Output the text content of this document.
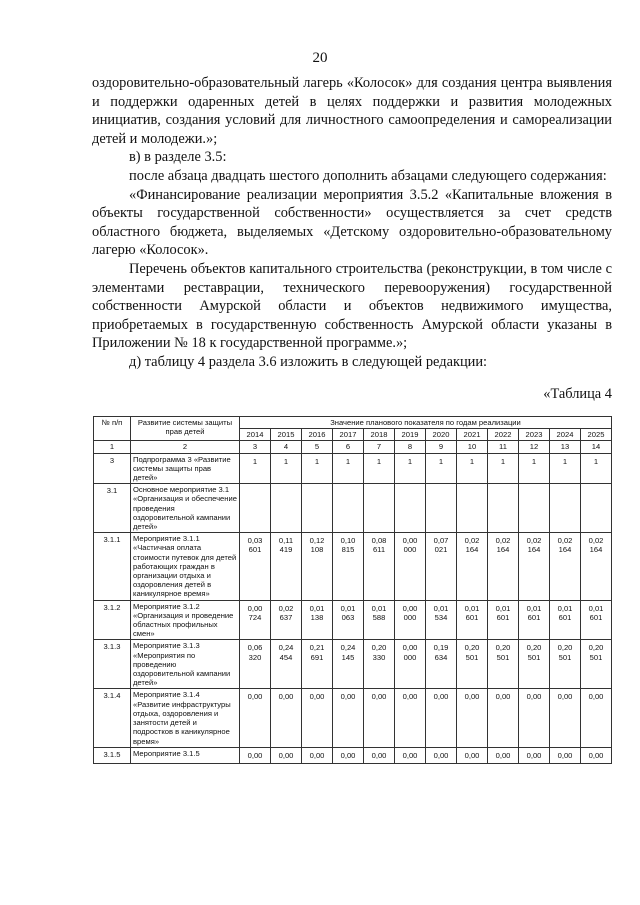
20

оздоровительно-образовательный лагерь «Колосок» для создания центра выявления и поддержки одаренных детей в целях поддержки и развития молодежных инициатив, создания условий для личностного самоопределения и самореализации детей и молодежи.»;

в) в разделе 3.5:

после абзаца двадцать шестого дополнить абзацами следующего содержания:

«Финансирование реализации мероприятия 3.5.2 «Капитальные вложения в объекты государственной собственности» осуществляется за счет средств областного бюджета, выделяемых «Детскому оздоровительно-образовательному лагерю «Колосок».

Перечень объектов капитального строительства (реконструкции, в том числе с элементами реставрации, технического перевооружения) государственной собственности Амурской области и объектов недвижимого имущества, приобретаемых в государственную собственность Амурской области указаны в Приложении № 18 к государственной программе.»;

д) таблицу 4 раздела 3.6 изложить в следующей редакции:

«Таблица 4
№ п/п	Развитие системы защиты прав детей	Значение планового показателя по годам реализации											
		2014	2015	2016	2017	2018	2019	2020	2021	2022	2023	2024	2025
1	2	3	4	5	6	7	8	9	10	11	12	13	14
3	Подпрограмма 3 «Развитие системы защиты прав детей»	1	1	1	1	1	1	1	1	1	1	1	1
3.1	Основное мероприятие 3.1 «Организация и обеспечение проведения оздоровительной кампании детей»												
3.1.1	Мероприятие 3.1.1 «Частичная оплата стоимости путевок для детей работающих граждан в организации отдыха и оздоровления детей в каникулярное время»	0,03 601	0,11 419	0,12 108	0,10 815	0,08 611	0,00 000	0,07 021	0,02 164	0,02 164	0,02 164	0,02 164	0,02 164
3.1.2	Мероприятие 3.1.2 «Организация и проведение областных профильных смен»	0,00 724	0,02 637	0,01 138	0,01 063	0,01 588	0,00 000	0,01 534	0,01 601	0,01 601	0,01 601	0,01 601	0,01 601
3.1.3	Мероприятие 3.1.3 «Мероприятия по проведению оздоровительной кампании детей»	0,06 320	0,24 454	0,21 691	0,24 145	0,20 330	0,00 000	0,19 634	0,20 501	0,20 501	0,20 501	0,20 501	0,20 501
3.1.4	Мероприятие 3.1.4 «Развитие инфраструктуры отдыха, оздоровления и занятости детей и подростков в каникулярное время»	0,00	0,00	0,00	0,00	0,00	0,00	0,00	0,00	0,00	0,00	0,00	0,00
3.1.5	Мероприятие 3.1.5	0,00	0,00	0,00	0,00	0,00	0,00	0,00	0,00	0,00	0,00	0,00	0,00
